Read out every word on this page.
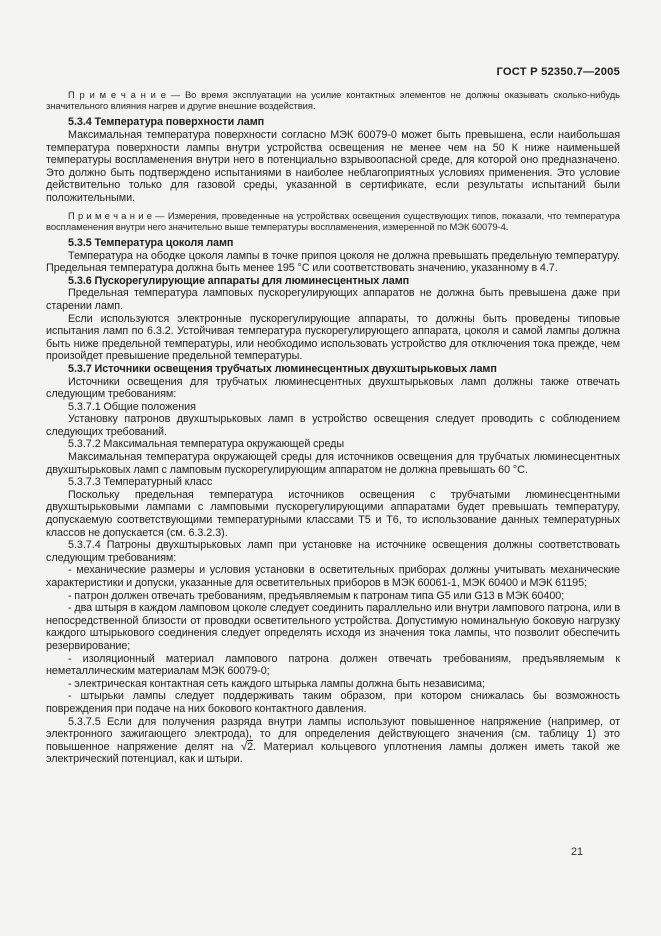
ГОСТ Р 52350.7—2005

П р и м е ч а н и е — Во время эксплуатации на усилие контактных элементов не должны оказывать сколько-нибудь значительного влияния нагрев и другие внешние воздействия.

5.3.4 Температура поверхности ламп

Максимальная температура поверхности согласно МЭК 60079-0 может быть превышена, если наибольшая температура поверхности лампы внутри устройства освещения не менее чем на 50 К ниже наименьшей температуры воспламенения внутри него в потенциально взрывоопасной среде, для которой оно предназначено. Это должно быть подтверждено испытаниями в наиболее неблагоприятных условиях применения. Это условие действительно только для газовой среды, указанной в сертификате, если результаты испытаний были положительными.

П р и м е ч а н и е — Измерения, проведенные на устройствах освещения существующих типов, показали, что температура воспламенения внутри него значительно выше температуры воспламенения, измеренной по МЭК 60079-4.

5.3.5 Температура цоколя ламп

Температура на ободке цоколя лампы в точке припоя цоколя не должна превышать предельную температуру. Предельная температура должна быть менее 195 °С или соответствовать значению, указанному в 4.7.

5.3.6 Пускорегулирующие аппараты для люминесцентных ламп

Предельная температура ламповых пускорегулирующих аппаратов не должна быть превышена даже при старении ламп.

Если используются электронные пускорегулирующие аппараты, то должны быть проведены типовые испытания ламп по 6.3.2. Устойчивая температура пускорегулирующего аппарата, цоколя и самой лампы должна быть ниже предельной температуры, или необходимо использовать устройство для отключения тока прежде, чем произойдет превышение предельной температуры.

5.3.7 Источники освещения трубчатых люминесцентных двухштырьковых ламп

Источники освещения для трубчатых люминесцентных двухштырьковых ламп должны также отвечать следующим требованиям:

5.3.7.1 Общие положения

Установку патронов двухштырьковых ламп в устройство освещения следует проводить с соблюдением следующих требований.

5.3.7.2 Максимальная температура окружающей среды

Максимальная температура окружающей среды для источников освещения для трубчатых люминесцентных двухштырьковых ламп с ламповым пускорегулирующим аппаратом не должна превышать 60 °С.

5.3.7.3 Температурный класс

Поскольку предельная температура источников освещения с трубчатыми люминесцентными двухштырьковыми лампами с ламповыми пускорегулирующими аппаратами будет превышать температуру, допускаемую соответствующими температурными классами Т5 и Т6, то использование данных температурных классов не допускается (см. 6.3.2.3).

5.3.7.4 Патроны двухштырьковых ламп при установке на источнике освещения должны соответствовать следующим требованиям:

- механические размеры и условия установки в осветительных приборах должны учитывать механические характеристики и допуски, указанные для осветительных приборов в МЭК 60061-1, МЭК 60400 и МЭК 61195;

- патрон должен отвечать требованиям, предъявляемым к патронам типа G5 или G13 в МЭК 60400;

- два штыря в каждом ламповом цоколе следует соединить параллельно или внутри лампового патрона, или в непосредственной близости от проводки осветительного устройства. Допустимую номинальную боковую нагрузку каждого штырькового соединения следует определять исходя из значения тока лампы, что позволит обеспечить резервирование;

- изоляционный материал лампового патрона должен отвечать требованиям, предъявляемым к неметаллическим материалам МЭК 60079-0;

- электрическая контактная сеть каждого штырька лампы должна быть независима;

- штырьки лампы следует поддерживать таким образом, при котором снижалась бы возможность повреждения при подаче на них бокового контактного давления.

5.3.7.5 Если для получения разряда внутри лампы используют повышенное напряжение (например, от электронного зажигающего электрода), то для определения действующего значения (см. таблицу 1) это повышенное напряжение делят на √2. Материал кольцевого уплотнения лампы должен иметь такой же электрический потенциал, как и штыри.

21
